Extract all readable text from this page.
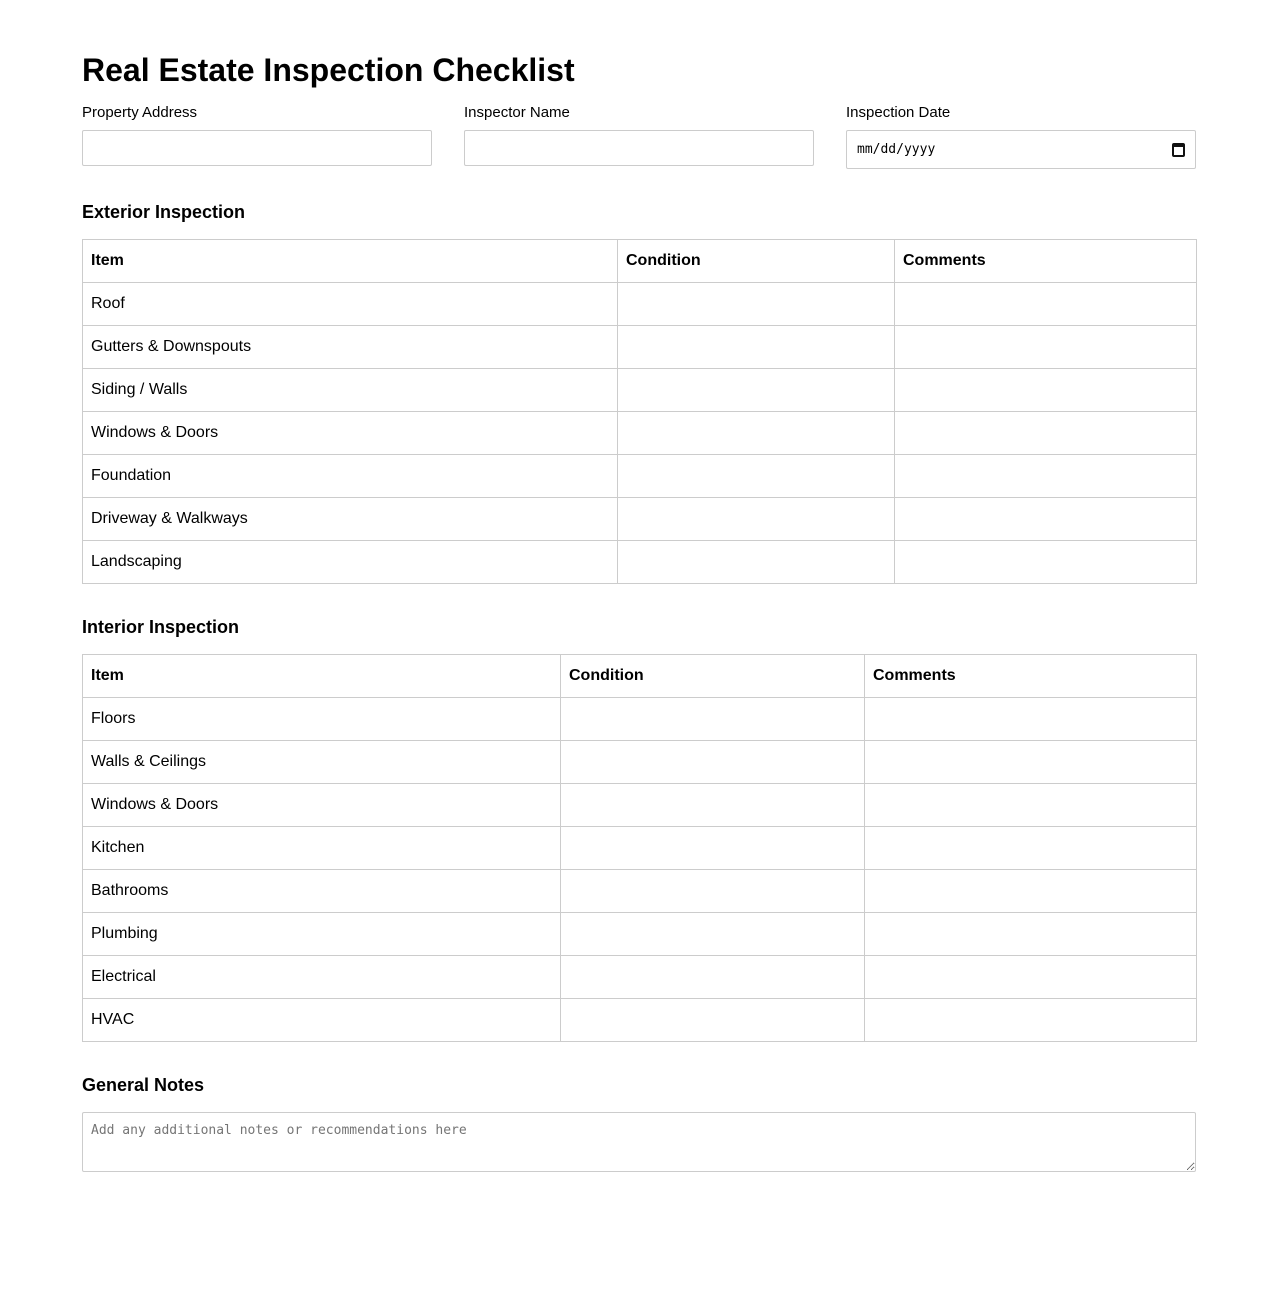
Real Estate Inspection Checklist
Property Address	Inspector Name	Inspection Date
mm/dd/yyyy
Exterior Inspection
Item	Condition	Comments
Roof		
Gutters & Downspouts		
Siding / Walls		
Windows & Doors		
Foundation		
Driveway & Walkways		
Landscaping		
Interior Inspection
Item	Condition	Comments
Floors		
Walls & Ceilings		
Windows & Doors		
Kitchen		
Bathrooms		
Plumbing		
Electrical		
HVAC		
General Notes
Add any additional notes or recommendations here
